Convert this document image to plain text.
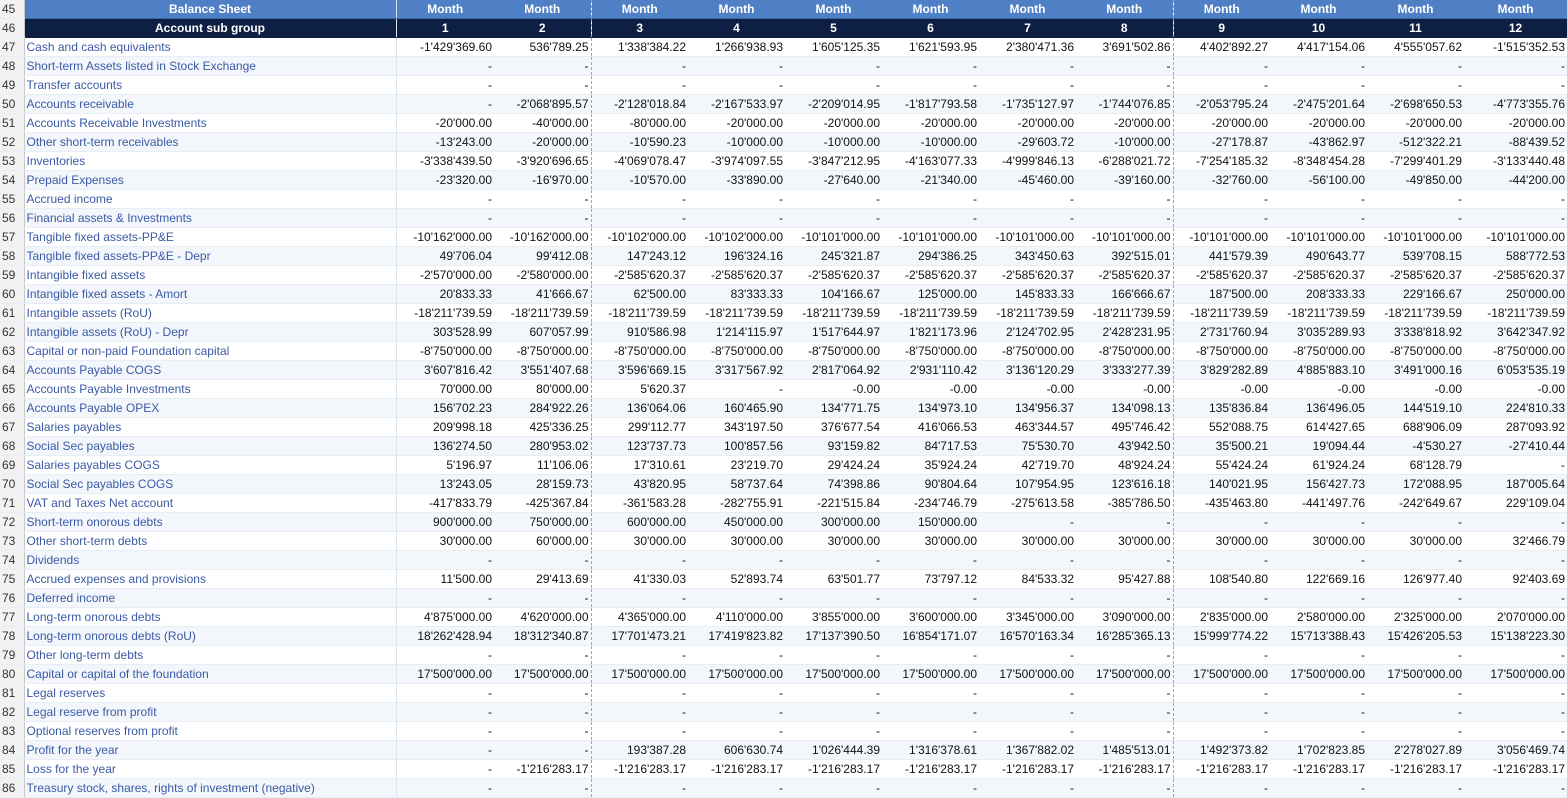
45	Balance Sheet	Month	Month	Month	Month	Month	Month	Month	Month	Month	Month	Month	Month
46	Account sub group	1	2	3	4	5	6	7	8	9	10	11	12
47	Cash and cash equivalents	-1'429'369.60	536'789.25	1'338'384.22	1'266'938.93	1'605'125.35	1'621'593.95	2'380'471.36	3'691'502.86	4'402'892.27	4'417'154.06	4'555'057.62	-1'515'352.53
48	Short-term Assets listed in Stock Exchange	-	-	-	-	-	-	-	-	-	-	-	-
49	Transfer accounts	-	-	-	-	-	-	-	-	-	-	-	-
50	Accounts receivable	-	-2'068'895.57	-2'128'018.84	-2'167'533.97	-2'209'014.95	-1'817'793.58	-1'735'127.97	-1'744'076.85	-2'053'795.24	-2'475'201.64	-2'698'650.53	-4'773'355.76
51	Accounts Receivable Investments	-20'000.00	-40'000.00	-80'000.00	-20'000.00	-20'000.00	-20'000.00	-20'000.00	-20'000.00	-20'000.00	-20'000.00	-20'000.00	-20'000.00
52	Other short-term receivables	-13'243.00	-20'000.00	-10'590.23	-10'000.00	-10'000.00	-10'000.00	-29'603.72	-10'000.00	-27'178.87	-43'862.97	-512'322.21	-88'439.52
53	Inventories	-3'338'439.50	-3'920'696.65	-4'069'078.47	-3'974'097.55	-3'847'212.95	-4'163'077.33	-4'999'846.13	-6'288'021.72	-7'254'185.32	-8'348'454.28	-7'299'401.29	-3'133'440.48
54	Prepaid Expenses	-23'320.00	-16'970.00	-10'570.00	-33'890.00	-27'640.00	-21'340.00	-45'460.00	-39'160.00	-32'760.00	-56'100.00	-49'850.00	-44'200.00
55	Accrued income	-	-	-	-	-	-	-	-	-	-	-	-
56	Financial assets & Investments	-	-	-	-	-	-	-	-	-	-	-	-
57	Tangible fixed assets-PP&E	-10'162'000.00	-10'162'000.00	-10'102'000.00	-10'102'000.00	-10'101'000.00	-10'101'000.00	-10'101'000.00	-10'101'000.00	-10'101'000.00	-10'101'000.00	-10'101'000.00	-10'101'000.00
58	Tangible fixed assets-PP&E - Depr	49'706.04	99'412.08	147'243.12	196'324.16	245'321.87	294'386.25	343'450.63	392'515.01	441'579.39	490'643.77	539'708.15	588'772.53
59	Intangible fixed assets	-2'570'000.00	-2'580'000.00	-2'585'620.37	-2'585'620.37	-2'585'620.37	-2'585'620.37	-2'585'620.37	-2'585'620.37	-2'585'620.37	-2'585'620.37	-2'585'620.37	-2'585'620.37
60	Intangible fixed assets - Amort	20'833.33	41'666.67	62'500.00	83'333.33	104'166.67	125'000.00	145'833.33	166'666.67	187'500.00	208'333.33	229'166.67	250'000.00
61	Intangible assets (RoU)	-18'211'739.59	-18'211'739.59	-18'211'739.59	-18'211'739.59	-18'211'739.59	-18'211'739.59	-18'211'739.59	-18'211'739.59	-18'211'739.59	-18'211'739.59	-18'211'739.59	-18'211'739.59
62	Intangible assets (RoU) - Depr	303'528.99	607'057.99	910'586.98	1'214'115.97	1'517'644.97	1'821'173.96	2'124'702.95	2'428'231.95	2'731'760.94	3'035'289.93	3'338'818.92	3'642'347.92
63	Capital or non-paid Foundation capital	-8'750'000.00	-8'750'000.00	-8'750'000.00	-8'750'000.00	-8'750'000.00	-8'750'000.00	-8'750'000.00	-8'750'000.00	-8'750'000.00	-8'750'000.00	-8'750'000.00	-8'750'000.00
64	Accounts Payable COGS	3'607'816.42	3'551'407.68	3'596'669.15	3'317'567.92	2'817'064.92	2'931'110.42	3'136'120.29	3'333'277.39	3'829'282.89	4'885'883.10	3'491'000.16	6'053'535.19
65	Accounts Payable Investments	70'000.00	80'000.00	5'620.37	-	-0.00	-0.00	-0.00	-0.00	-0.00	-0.00	-0.00	-0.00
66	Accounts Payable OPEX	156'702.23	284'922.26	136'064.06	160'465.90	134'771.75	134'973.10	134'956.37	134'098.13	135'836.84	136'496.05	144'519.10	224'810.33
67	Salaries payables	209'998.18	425'336.25	299'112.77	343'197.50	376'677.54	416'066.53	463'344.57	495'746.42	552'088.75	614'427.65	688'906.09	287'093.92
68	Social Sec payables	136'274.50	280'953.02	123'737.73	100'857.56	93'159.82	84'717.53	75'530.70	43'942.50	35'500.21	19'094.44	-4'530.27	-27'410.44
69	Salaries payables COGS	5'196.97	11'106.06	17'310.61	23'219.70	29'424.24	35'924.24	42'719.70	48'924.24	55'424.24	61'924.24	68'128.79	-
70	Social Sec payables COGS	13'243.05	28'159.73	43'820.95	58'737.64	74'398.86	90'804.64	107'954.95	123'616.18	140'021.95	156'427.73	172'088.95	187'005.64
71	VAT and Taxes Net account	-417'833.79	-425'367.84	-361'583.28	-282'755.91	-221'515.84	-234'746.79	-275'613.58	-385'786.50	-435'463.80	-441'497.76	-242'649.67	229'109.04
72	Short-term onorous debts	900'000.00	750'000.00	600'000.00	450'000.00	300'000.00	150'000.00	-	-	-	-	-	-
73	Other short-term debts	30'000.00	60'000.00	30'000.00	30'000.00	30'000.00	30'000.00	30'000.00	30'000.00	30'000.00	30'000.00	30'000.00	32'466.79
74	Dividends	-	-	-	-	-	-	-	-	-	-	-	-
75	Accrued expenses and provisions	11'500.00	29'413.69	41'330.03	52'893.74	63'501.77	73'797.12	84'533.32	95'427.88	108'540.80	122'669.16	126'977.40	92'403.69
76	Deferred income	-	-	-	-	-	-	-	-	-	-	-	-
77	Long-term onorous debts	4'875'000.00	4'620'000.00	4'365'000.00	4'110'000.00	3'855'000.00	3'600'000.00	3'345'000.00	3'090'000.00	2'835'000.00	2'580'000.00	2'325'000.00	2'070'000.00
78	Long-term onorous debts (RoU)	18'262'428.94	18'312'340.87	17'701'473.21	17'419'823.82	17'137'390.50	16'854'171.07	16'570'163.34	16'285'365.13	15'999'774.22	15'713'388.43	15'426'205.53	15'138'223.30
79	Other long-term debts	-	-	-	-	-	-	-	-	-	-	-	-
80	Capital or capital of the foundation	17'500'000.00	17'500'000.00	17'500'000.00	17'500'000.00	17'500'000.00	17'500'000.00	17'500'000.00	17'500'000.00	17'500'000.00	17'500'000.00	17'500'000.00	17'500'000.00
81	Legal reserves	-	-	-	-	-	-	-	-	-	-	-	-
82	Legal reserve from profit	-	-	-	-	-	-	-	-	-	-	-	-
83	Optional reserves from profit	-	-	-	-	-	-	-	-	-	-	-	-
84	Profit for the year	-	-	193'387.28	606'630.74	1'026'444.39	1'316'378.61	1'367'882.02	1'485'513.01	1'492'373.82	1'702'823.85	2'278'027.89	3'056'469.74
85	Loss for the year	-	-1'216'283.17	-1'216'283.17	-1'216'283.17	-1'216'283.17	-1'216'283.17	-1'216'283.17	-1'216'283.17	-1'216'283.17	-1'216'283.17	-1'216'283.17	-1'216'283.17
86	Treasury stock, shares, rights of investment (negative)	-	-	-	-	-	-	-	-	-	-	-	-
